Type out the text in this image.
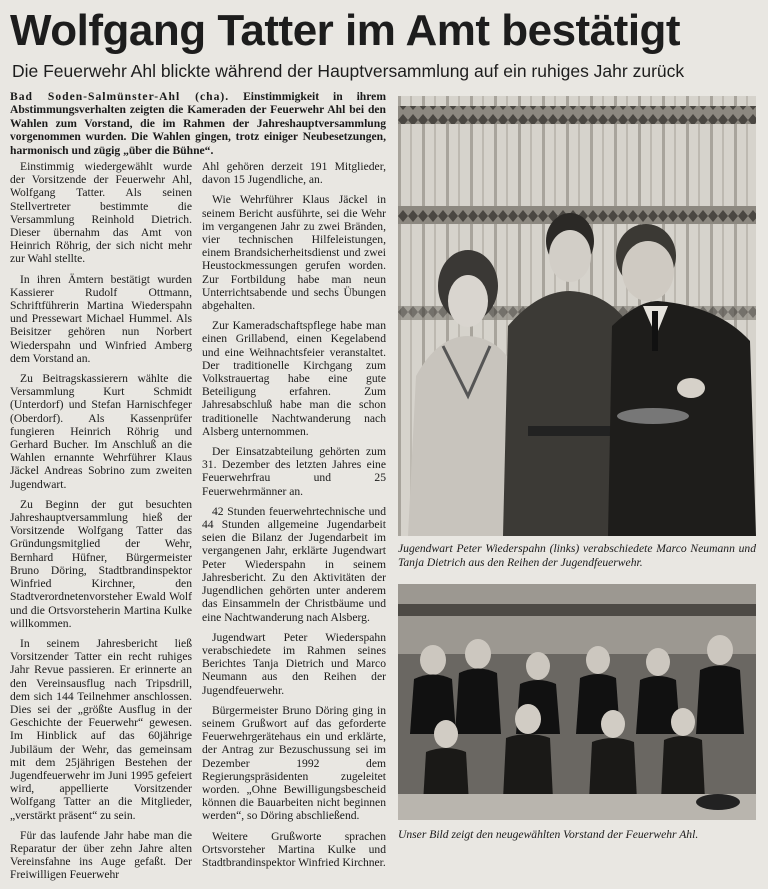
Wolfgang Tatter im Amt bestätigt
Die Feuerwehr Ahl blickte während der Hauptversammlung auf ein ruhiges Jahr zurück
Bad Soden-Salmünster-Ahl (cha). Einstimmigkeit in ihrem Abstimmungsverhalten zeigten die Kameraden der Feuerwehr Ahl bei den Wahlen zum Vorstand, die im Rahmen der Jahreshauptversammlung vorgenommen wurden. Die Wahlen gingen, trotz einiger Neubesetzungen, harmonisch und zügig „über die Bühne“.

Einstimmig wiedergewählt wurde der Vorsitzende der Feuerwehr Ahl, Wolfgang Tatter. Als seinen Stellvertreter bestimmte die Versammlung Reinhold Dietrich. Dieser übernahm das Amt von Heinrich Röhrig, der sich nicht mehr zur Wahl stellte.

In ihren Ämtern bestätigt wurden Kassierer Rudolf Ottmann, Schriftführerin Martina Wiederspahn und Pressewart Michael Hummel. Als Beisitzer gehören nun Norbert Wiederspahn und Winfried Amberg dem Vorstand an.

Zu Beitragskassierern wählte die Versammlung Kurt Schmidt (Unterdorf) und Stefan Harnischfeger (Oberdorf). Als Kassenprüfer fungieren Heinrich Röhrig und Gerhard Bucher. Im Anschluß an die Wahlen ernannte Wehrführer Klaus Jäckel Andreas Sobrino zum zweiten Jugendwart.

Zu Beginn der gut besuchten Jahreshauptversammlung hieß der Vorsitzende Wolfgang Tatter das Gründungsmitglied der Wehr, Bernhard Hüfner, Bürgermeister Bruno Döring, Stadtbrandinspektor Winfried Kirchner, den Stadtverordnetenvorsteher Ewald Wolf und die Ortsvorsteherin Martina Kulke willkommen.

In seinem Jahresbericht ließ Vorsitzender Tatter ein recht ruhiges Jahr Revue passieren. Er erinnerte an den Vereinsausflug nach Tripsdrill, dem sich 144 Teilnehmer anschlossen. Dies sei der „größte Ausflug in der Geschichte der Feuerwehr“ gewesen. Im Hinblick auf das 60jährige Jubiläum der Wehr, das gemeinsam mit dem 25jährigen Bestehen der Jugendfeuerwehr im Juni 1995 gefeiert wird, appellierte Vorsitzender Wolfgang Tatter an die Mitglieder, „verstärkt präsent“ zu sein.

Für das laufende Jahr habe man die Reparatur der über zehn Jahre alten Vereinsfahne ins Auge gefaßt. Der Freiwilligen Feuerwehr

Ahl gehören derzeit 191 Mitglieder, davon 15 Jugendliche, an.

Wie Wehrführer Klaus Jäckel in seinem Bericht ausführte, sei die Wehr im vergangenen Jahr zu zwei Bränden, vier technischen Hilfeleistungen, einem Brandsicherheitsdienst und zwei Heustockmessungen gerufen worden. Zur Fortbildung habe man neun Unterrichtsabende und sechs Übungen abgehalten.

Zur Kameradschaftspflege habe man einen Grillabend, einen Kegelabend und eine Weihnachtsfeier veranstaltet. Der traditionelle Kirchgang zum Volkstrauertag habe eine gute Beteiligung erfahren. Zum Jahresabschluß habe man die schon traditionelle Nachtwanderung nach Alsberg unternommen.

Der Einsatzabteilung gehörten zum 31. Dezember des letzten Jahres eine Feuerwehrfrau und 25 Feuerwehrmänner an.

42 Stunden feuerwehrtechnische und 44 Stunden allgemeine Jugendarbeit seien die Bilanz der Jugendarbeit im vergangenen Jahr, erklärte Jugendwart Peter Wiederspahn in seinem Jahresbericht. Zu den Aktivitäten der Jugendlichen gehörten unter anderem das Einsammeln der Christbäume und eine Nachtwanderung nach Alsberg.

Jugendwart Peter Wiederspahn verabschiedete im Rahmen seines Berichtes Tanja Dietrich und Marco Neumann aus den Reihen der Jugendfeuerwehr.

Bürgermeister Bruno Döring ging in seinem Grußwort auf das geforderte Feuerwehrgerätehaus ein und erklärte, der Antrag zur Bezuschussung sei im Dezember 1992 dem Regierungspräsidenten zugeleitet worden. „Ohne Bewilligungsbescheid können die Bauarbeiten nicht beginnen werden“, so Döring abschließend.

Weitere Grußworte sprachen Ortsvorsteher Martina Kulke und Stadtbrandinspektor Winfried Kirchner.

Jugendwart Peter Wiederspahn (links) verabschiedete Marco Neumann und Tanja Dietrich aus den Reihen der Jugendfeuerwehr.
Unser Bild zeigt den neugewählten Vorstand der Feuerwehr Ahl.
